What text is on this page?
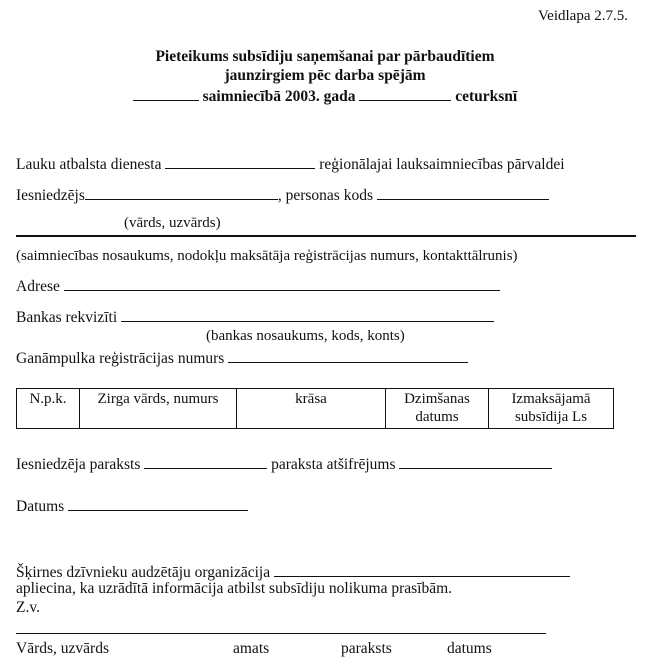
Veidlapa 2.7.5.
Pieteikums subsīdiju saņemšanai par pārbaudītiem
jaunzirgiem pēc darba spējām
saimniecībā 2003. gada	ceturksnī
Lauku atbalsta dienesta	reģionālajai lauksaimniecības pārvaldei
Iesniedzējs	, personas kods
(vārds, uzvārds)
(saimniecības nosaukums, nodokļu maksātāja reģistrācijas numurs, kontakttālrunis)
Adrese
Bankas rekvizīti
(bankas nosaukums, kods, konts)
Ganāmpulka reģistrācijas numurs
N.p.k.	Zirga vārds, numurs	krāsa	Dzimšanas datums	Izmaksājamā subsīdija Ls
Iesniedzēja paraksts	paraksta atšifrējums
Datums
Šķirnes dzīvnieku audzētāju organizācija
apliecina, ka uzrādītā informācija atbilst subsīdiju nolikuma prasībām.
Z.v.
Vārds, uzvārds	amats	paraksts	datums
